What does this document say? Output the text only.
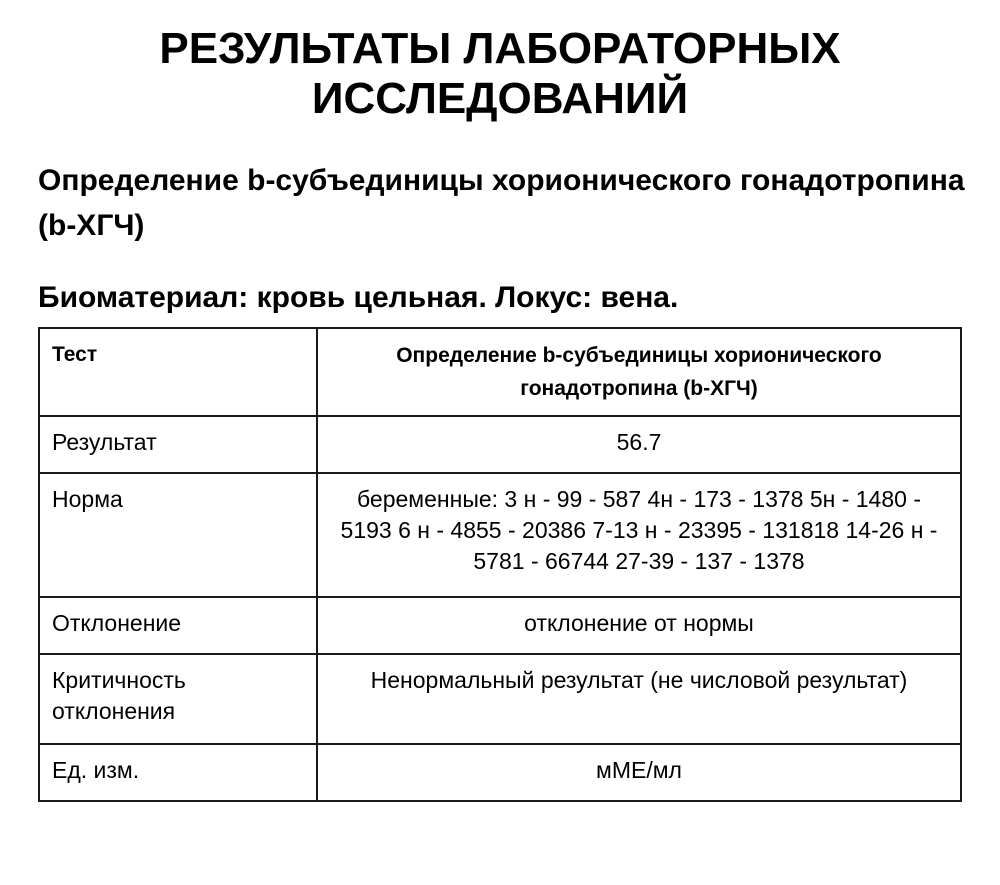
РЕЗУЛЬТАТЫ ЛАБОРАТОРНЫХ ИССЛЕДОВАНИЙ
Определение b-субъединицы хорионического гонадотропина (b-ХГЧ)
Биоматериал: кровь цельная. Локус: вена.
Тест	Определение b-субъединицы хорионического гонадотропина (b-ХГЧ)
Результат	56.7
Норма	беременные: 3 н - 99 - 587 4н - 173 - 1378 5н - 1480 - 5193 6 н - 4855 - 20386 7-13 н - 23395 - 131818 14-26 н - 5781 - 66744 27-39 - 137 - 1378
Отклонение	отклонение от нормы
Критичность отклонения	Ненормальный результат (не числовой результат)
Ед. изм.	мМЕ/мл
